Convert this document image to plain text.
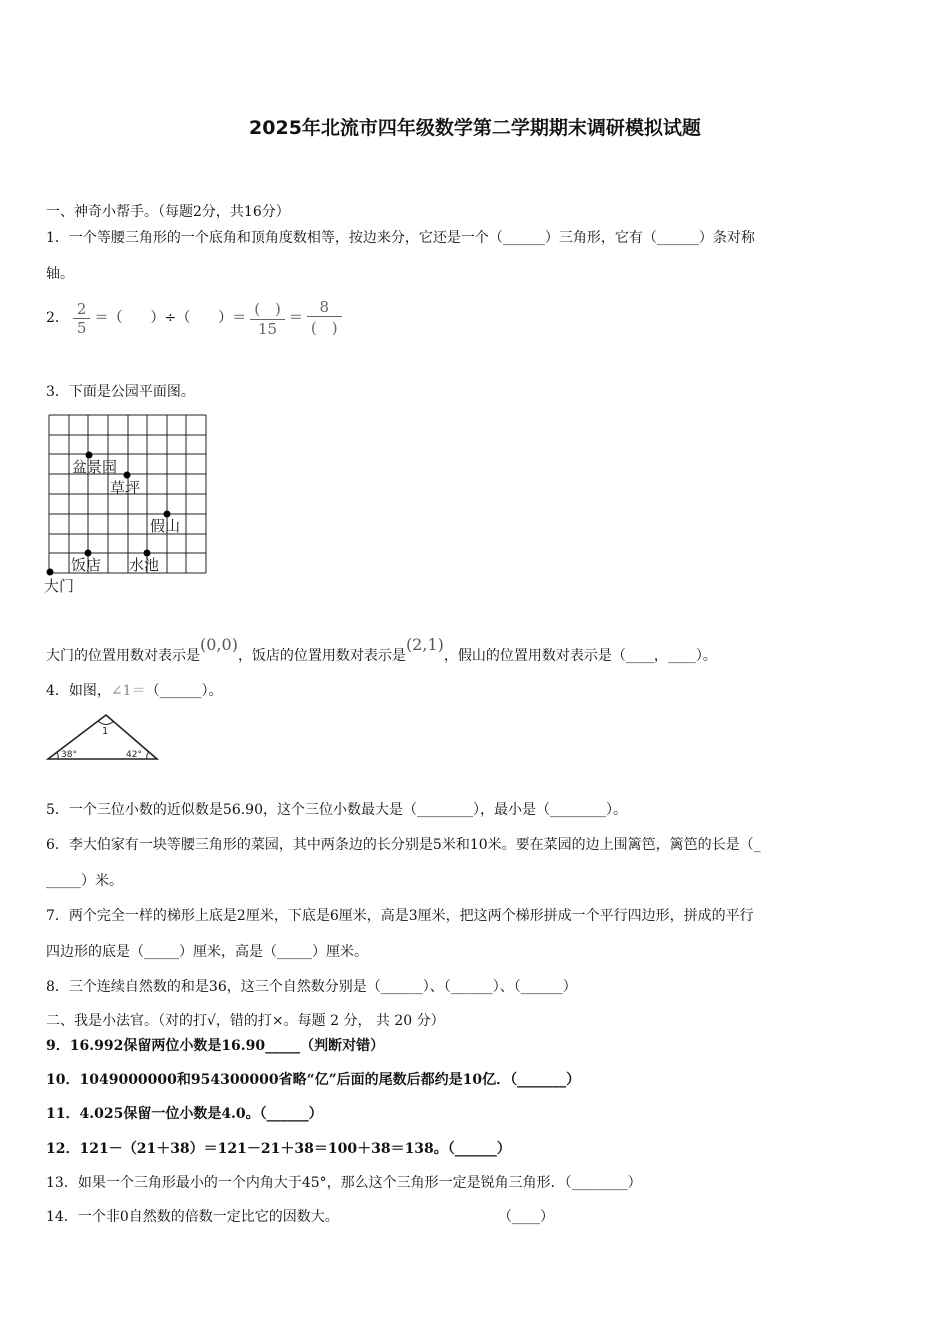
2025年北流市四年级数学第二学期期末调研模拟试题
一、神奇小帮手。（每题2分，共16分）
1．一个等腰三角形的一个底角和顶角度数相等，按边来分，它还是一个（______）三角形，它有（______）条对称
轴。
2． $\frac{2}{5}$ ＝（　　）÷（　　）＝ $\frac{( )}{15} = \frac{8}{( )}$
3．下面是公园平面图。
盆景园
草坪
假山
饭店 水池
大门
大门的位置用数对表示是(0,0)，饭店的位置用数对表示是(2,1)，假山的位置用数对表示是（____，____）。
4．如图，∠1＝（______）。
1
38°	42°
5．一个三位小数的近似数是56.90，这个三位小数最大是（________），最小是（________）。
6．李大伯家有一块等腰三角形的菜园，其中两条边的长分别是5米和10米。要在菜园的边上围篱笆，篱笆的长是（_
_____）米。
7．两个完全一样的梯形上底是2厘米，下底是6厘米，高是3厘米，把这两个梯形拼成一个平行四边形，拼成的平行
四边形的底是（_____）厘米，高是（_____）厘米。
8．三个连续自然数的和是36，这三个自然数分别是（______）、（______）、（______）
二、我是小法官。（对的打√，错的打×。每题 2 分， 共 20 分）
9．16.992保留两位小数是16.90_____（判断对错）
10．1049000000和954300000省略“亿”后面的尾数后都约是10亿．（_______）
11．4.025保留一位小数是4.0。（______）
12．121－（21＋38）＝121－21＋38＝100＋38＝138。（______）
13．如果一个三角形最小的一个内角大于45°，那么这个三角形一定是锐角三角形．（________）
14．一个非0自然数的倍数一定比它的因数大。	（____）
